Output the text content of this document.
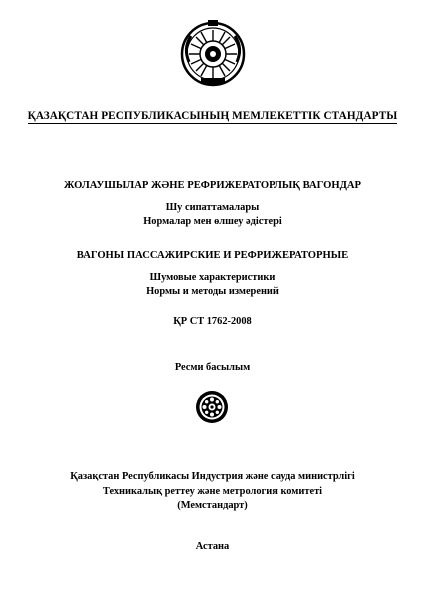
ҚАЗАҚСТАН РЕСПУБЛИКАСЫНЫҢ МЕМЛЕКЕТТІК СТАНДАРТЫ
ЖОЛАУШЫЛАР ЖӘНЕ РЕФРИЖЕРАТОРЛЫҚ ВАГОНДАР
Шу сипаттамалары
Нормалар мен өлшеу әдістері
ВАГОНЫ ПАССАЖИРСКИЕ И РЕФРИЖЕРАТОРНЫЕ
Шумовые характеристики
Нормы и методы измерений
ҚР СТ 1762-2008
Ресми басылым
Қазақстан Республикасы Индустрия және сауда министрлігі
Техникалық реттеу және метрология комитеті
(Мемстандарт)
Астана
